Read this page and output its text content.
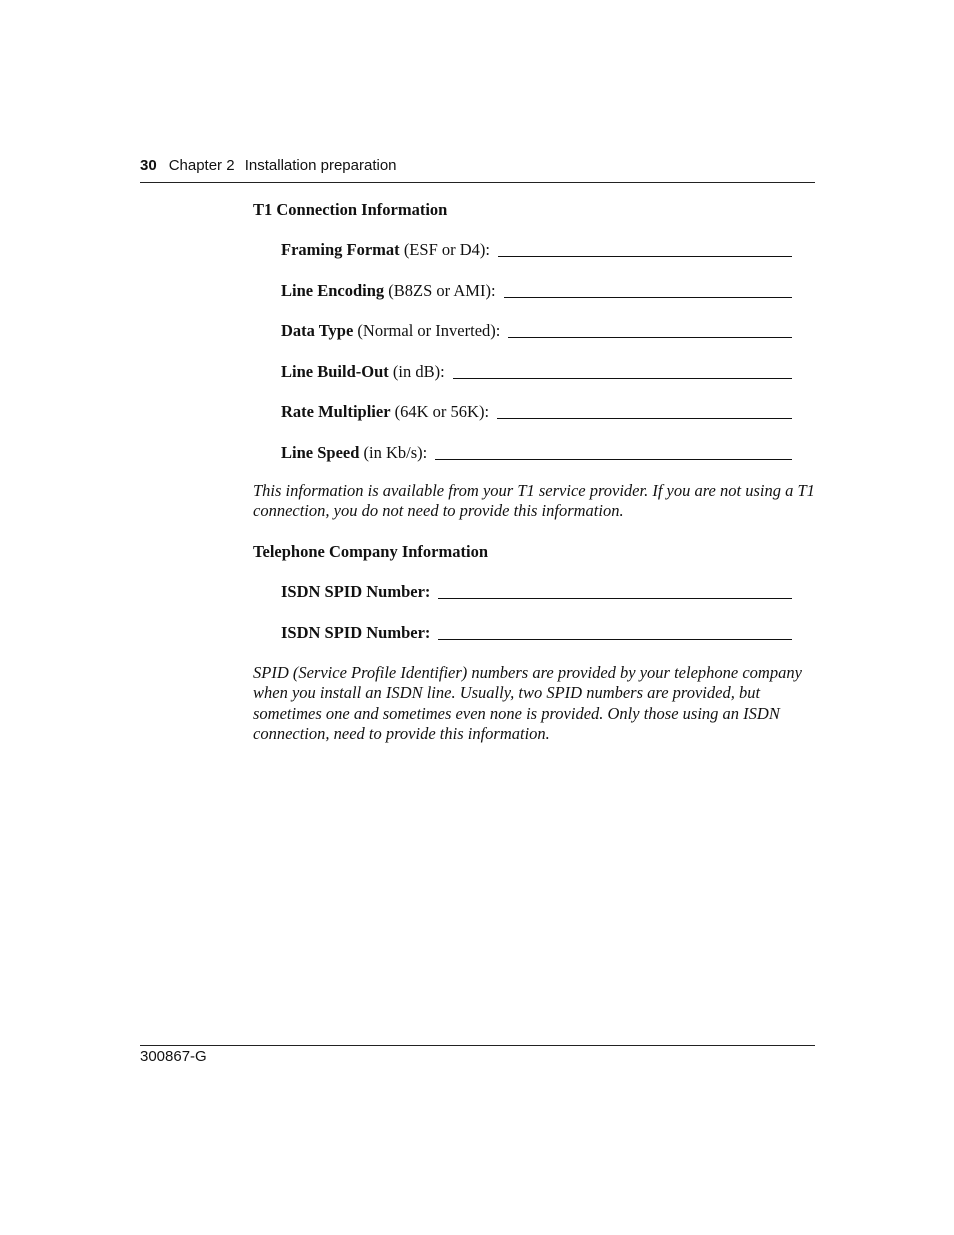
30 Chapter 2 Installation preparation

T1 Connection Information

Framing Format (ESF or D4):
Line Encoding (B8ZS or AMI):
Data Type (Normal or Inverted):
Line Build-Out (in dB):
Rate Multiplier (64K or 56K):
Line Speed (in Kb/s):

This information is available from your T1 service provider. If you are not using a T1 connection, you do not need to provide this information.

Telephone Company Information

ISDN SPID Number:
ISDN SPID Number:

SPID (Service Profile Identifier) numbers are provided by your telephone company when you install an ISDN line. Usually, two SPID numbers are provided, but sometimes one and sometimes even none is provided. Only those using an ISDN connection, need to provide this information.

300867-G
